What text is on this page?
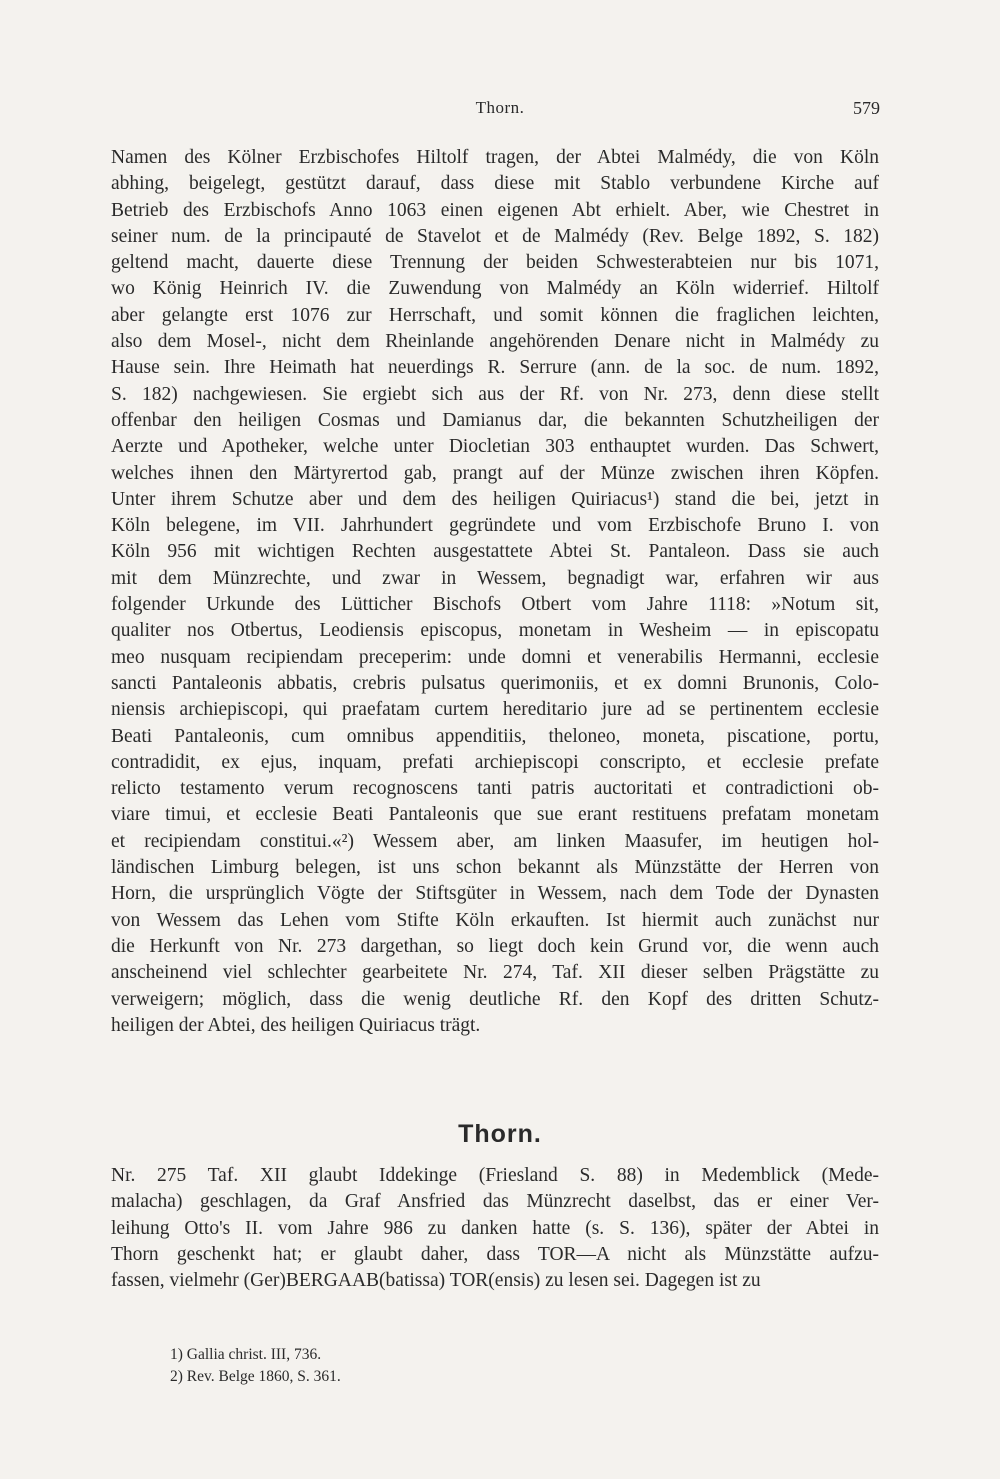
Thorn.	579
Namen des Kölner Erzbischofes Hiltolf tragen, der Abtei Malmédy, die von Köln
abhing, beigelegt, gestützt darauf, dass diese mit Stablo verbundene Kirche auf
Betrieb des Erzbischofs Anno 1063 einen eigenen Abt erhielt. Aber, wie Chestret in
seiner num. de la principauté de Stavelot et de Malmédy (Rev. Belge 1892, S. 182)
geltend macht, dauerte diese Trennung der beiden Schwesterabteien nur bis 1071,
wo König Heinrich IV. die Zuwendung von Malmédy an Köln widerrief. Hiltolf
aber gelangte erst 1076 zur Herrschaft, und somit können die fraglichen leichten,
also dem Mosel-, nicht dem Rheinlande angehörenden Denare nicht in Malmédy zu
Hause sein. Ihre Heimath hat neuerdings R. Serrure (ann. de la soc. de num. 1892,
S. 182) nachgewiesen. Sie ergiebt sich aus der Rf. von Nr. 273, denn diese stellt
offenbar den heiligen Cosmas und Damianus dar, die bekannten Schutzheiligen der
Aerzte und Apotheker, welche unter Diocletian 303 enthauptet wurden. Das Schwert,
welches ihnen den Märtyrertod gab, prangt auf der Münze zwischen ihren Köpfen.
Unter ihrem Schutze aber und dem des heiligen Quiriacus¹) stand die bei, jetzt in
Köln belegene, im VII. Jahrhundert gegründete und vom Erzbischofe Bruno I. von
Köln 956 mit wichtigen Rechten ausgestattete Abtei St. Pantaleon. Dass sie auch
mit dem Münzrechte, und zwar in Wessem, begnadigt war, erfahren wir aus
folgender Urkunde des Lütticher Bischofs Otbert vom Jahre 1118: »Notum sit,
qualiter nos Otbertus, Leodiensis episcopus, monetam in Wesheim — in episcopatu
meo nusquam recipiendam preceperim: unde domni et venerabilis Hermanni, ecclesie
sancti Pantaleonis abbatis, crebris pulsatus querimoniis, et ex domni Brunonis, Colo-
niensis archiepiscopi, qui praefatam curtem hereditario jure ad se pertinentem ecclesie
Beati Pantaleonis, cum omnibus appenditiis, theloneo, moneta, piscatione, portu,
contradidit, ex ejus, inquam, prefati archiepiscopi conscripto, et ecclesie prefate
relicto testamento verum recognoscens tanti patris auctoritati et contradictioni ob-
viare timui, et ecclesie Beati Pantaleonis que sue erant restituens prefatam monetam
et recipiendam constitui.«²) Wessem aber, am linken Maasufer, im heutigen hol-
ländischen Limburg belegen, ist uns schon bekannt als Münzstätte der Herren von
Horn, die ursprünglich Vögte der Stiftsgüter in Wessem, nach dem Tode der Dynasten
von Wessem das Lehen vom Stifte Köln erkauften. Ist hiermit auch zunächst nur
die Herkunft von Nr. 273 dargethan, so liegt doch kein Grund vor, die wenn auch
anscheinend viel schlechter gearbeitete Nr. 274, Taf. XII dieser selben Prägstätte zu
verweigern; möglich, dass die wenig deutliche Rf. den Kopf des dritten Schutz-
heiligen der Abtei, des heiligen Quiriacus trägt.
Thorn.
Nr. 275 Taf. XII glaubt Iddekinge (Friesland S. 88) in Medemblick (Mede-
malacha) geschlagen, da Graf Ansfried das Münzrecht daselbst, das er einer Ver-
leihung Otto's II. vom Jahre 986 zu danken hatte (s. S. 136), später der Abtei in
Thorn geschenkt hat; er glaubt daher, dass TOR—A nicht als Münzstätte aufzu-
fassen, vielmehr (Ger)BERGAAB(batissa) TOR(ensis) zu lesen sei. Dagegen ist zu
1) Gallia christ. III, 736.
2) Rev. Belge 1860, S. 361.
